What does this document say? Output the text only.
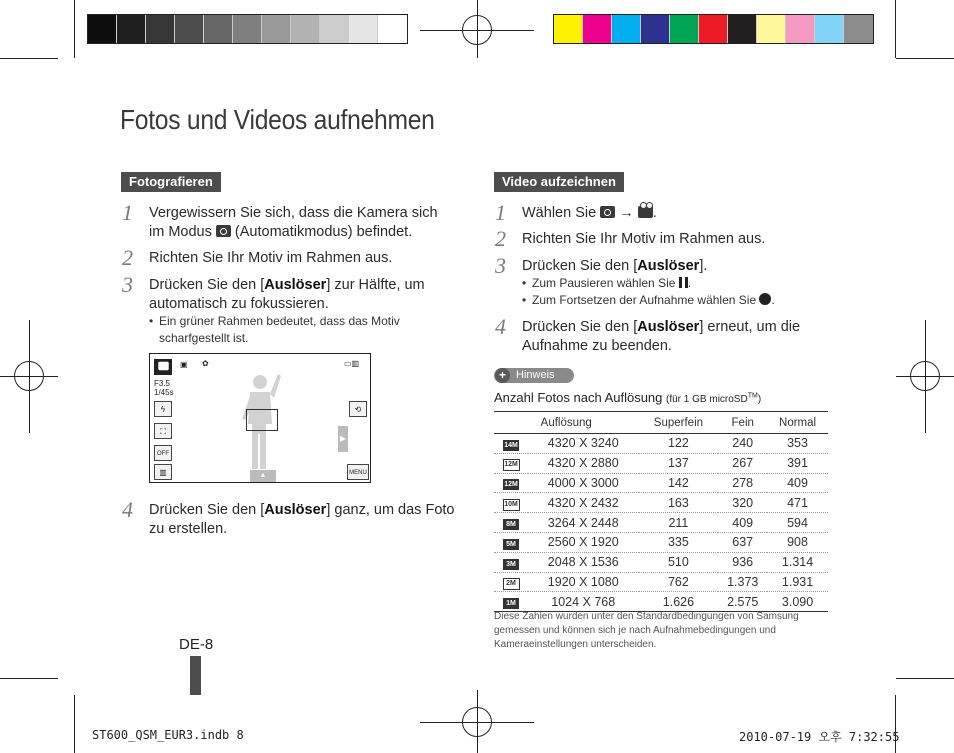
Fotos und Videos aufnehmen
Fotografieren
1 Vergewissern Sie sich, dass die Kamera sich im Modus (Automatikmodus) befindet.
2 Richten Sie Ihr Motiv im Rahmen aus.
3 Drücken Sie den [Auslöser] zur Hälfte, um automatisch zu fokussieren.
• Ein grüner Rahmen bedeutet, dass das Motiv scharfgestellt ist.
▣ ✿	▭▥
F3.5
1/45s
ϟ
⛶
OFF
▥
⟲
MENU
▶
▲
4 Drücken Sie den [Auslöser] ganz, um das Foto zu erstellen.
Video aufzeichnen
1 Wählen Sie → .
2 Richten Sie Ihr Motiv im Rahmen aus.
3 Drücken Sie den [Auslöser].
• Zum Pausieren wählen Sie .
• Zum Fortsetzen der Aufnahme wählen Sie .
4 Drücken Sie den [Auslöser] erneut, um die Aufnahme zu beenden.
+ Hinweis
Anzahl Fotos nach Auflösung (für 1 GB microSD™)
Auflösung		Superfein	Fein	Normal
14M	4320 X 3240	122	240	353
12M	4320 X 2880	137	267	391
12M	4000 X 3000	142	278	409
10M	4320 X 2432	163	320	471
8M	3264 X 2448	211	409	594
5M	2560 X 1920	335	637	908
3M	2048 X 1536	510	936	1.314
2M	1920 X 1080	762	1.373	1.931
1M	1024 X 768	1.626	2.575	3.090
Diese Zahlen wurden unter den Standardbedingungen von Samsung gemessen und können sich je nach Aufnahmebedingungen und Kameraeinstellungen unterscheiden.
DE-8
ST600_QSM_EUR3.indb 8	2010-07-19 오후 7:32:55
